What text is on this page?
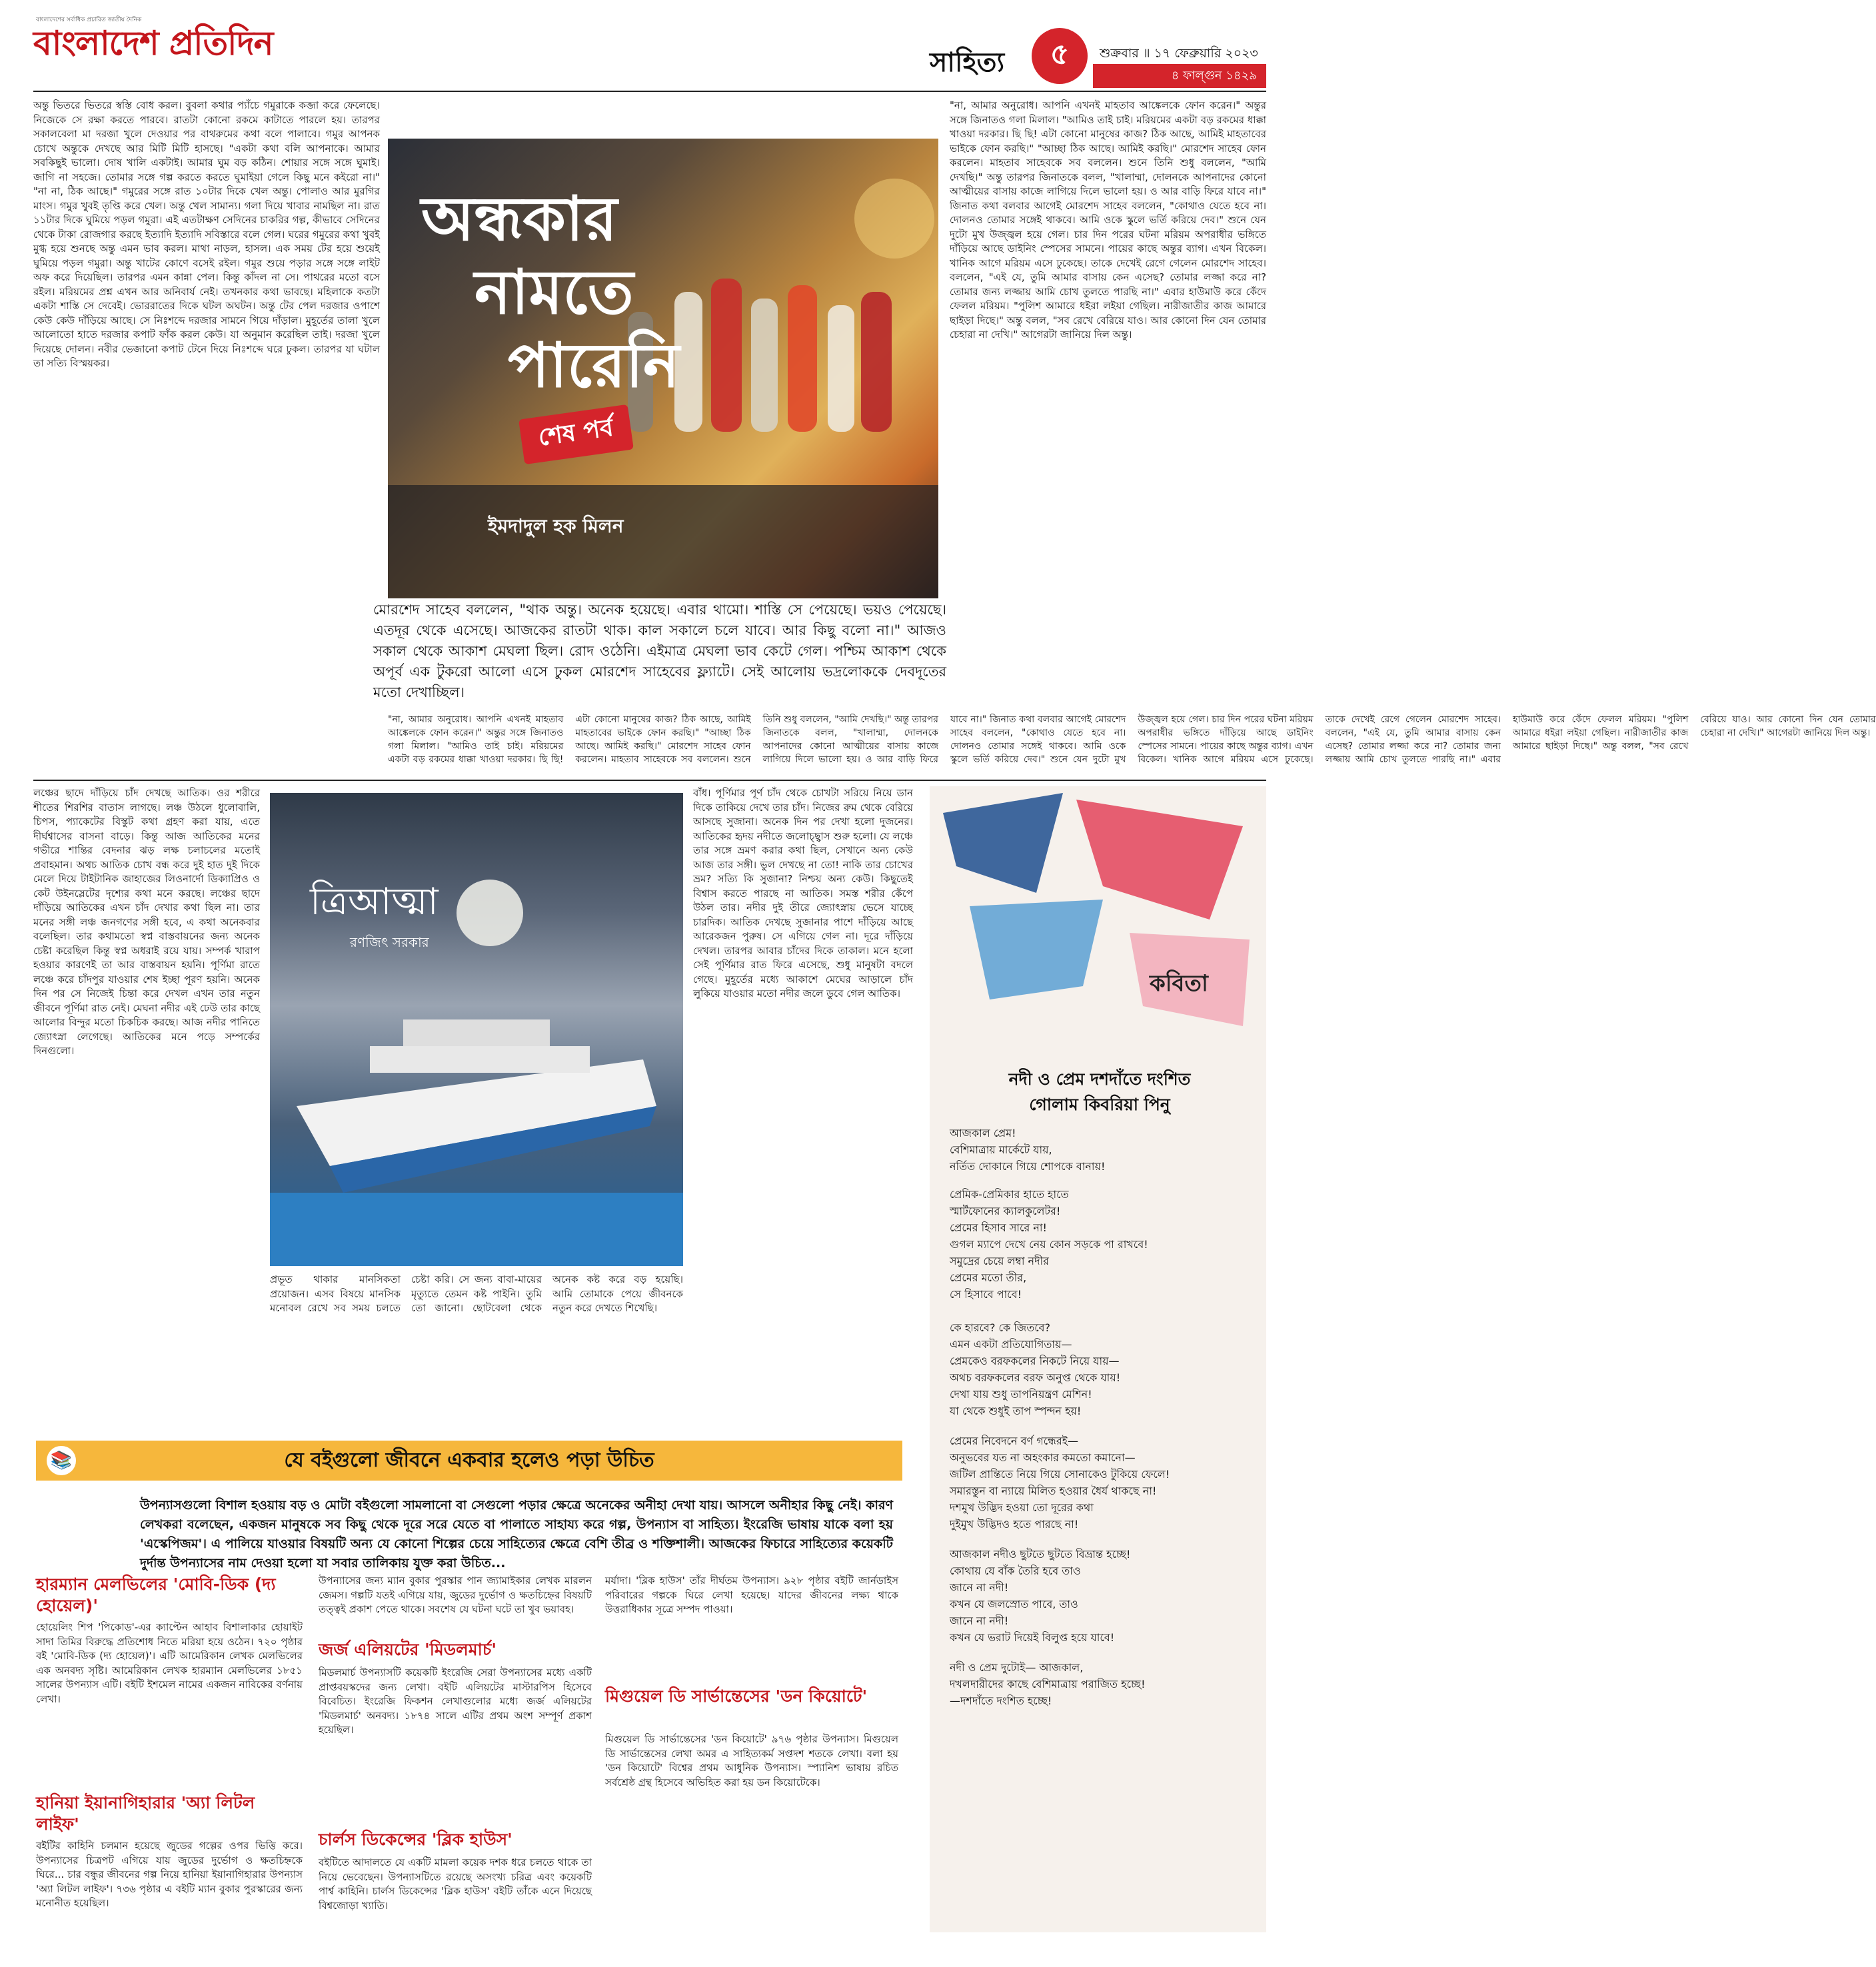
বাংলাদেশের সর্বাধিক প্রচারিত জাতীয় দৈনিক
বাংলাদেশ প্রতিদিন	সাহিত্য	৫	শুক্রবার ॥ ১৭ ফেব্রুয়ারি ২০২৩
৪ ফাল্গুন ১৪২৯

অন্তু ভিতরে ভিতরে স্বস্তি বোধ করল। বুবলা কথার প্যাঁচে গমুরাকে কব্জা করে ফেলেছে। নিজেকে সে রক্ষা করতে পারবে। রাতটা কোনো রকমে কাটাতে পারলে হয়। তারপর সকালবেলা মা দরজা খুলে দেওয়ার পর বাথরুমের কথা বলে পালাবে। গমুর আপনক চোখে অন্তুকে দেখছে আর মিটি মিটি হাসছে। "একটা কথা বলি আপনাকে। আমার সবকিছুই ভালো। দোষ খালি একটাই। আমার ঘুম বড় কঠিন। শোয়ার সঙ্গে সঙ্গে ঘুমাই। জাগি না সহজে। তোমার সঙ্গে গল্প করতে করতে ঘুমাইয়া গেলে কিছু মনে কইরো না।" "না না, ঠিক আছে।" গমুরের সঙ্গে রাত ১০টার দিকে খেল অন্তু। পোলাও আর মুরগির মাংস। গমুর খুবই তৃপ্তি করে খেল। অন্তু খেল সামান্য। গলা দিয়ে খাবার নামছিল না। রাত ১১টার দিকে ঘুমিয়ে পড়ল গমুরা। এই এতটাক্ষণ সেদিনের চাকরির গল্প, কীভাবে সেদিনের থেকে টাকা রোজগার করছে ইত্যাদি ইত্যাদি সবিস্তারে বলে গেল। ঘরের গমুরের কথা খুবই মুগ্ধ হয়ে শুনছে অন্তু এমন ভাব করল। মাথা নাড়ল, হাসল। এক সময় টের হয়ে শুয়েই ঘুমিয়ে পড়ল গমুরা। অন্তু খাটের কোণে বসেই রইল। গমুর শুয়ে পড়ার সঙ্গে সঙ্গে লাইট অফ করে দিয়েছিল। তারপর এমন কান্না পেল। কিন্তু কাঁদল না সে। পাথরের মতো বসে রইল। মরিয়মের প্রশ্ন এখন আর অনিবার্য নেই। তখনকার কথা ভাবছে। মহিলাকে কতটা একটা শাস্তি সে দেবেই। ভোররাতের দিকে ঘটল অঘটন। অন্তু টের পেল দরজার ওপাশে কেউ কেউ দাঁড়িয়ে আছে। সে নিঃশব্দে দরজার সামনে গিয়ে দাঁড়াল। মুহূর্তের তালা খুলে আলোতো হাতে দরজার কপাট ফাঁক করল কেউ। যা অনুমান করেছিল তাই। দরজা খুলে দিয়েছে দোলন। নবীর ভেজানো কপাট টেনে দিয়ে নিঃশব্দে ঘরে ঢুকল। তারপর যা ঘটাল তা সত্যি বিস্ময়কর।

অন্ধকার
নামতে
পারেনি
শেষ পর্ব
ইমদাদুল হক মিলন
মোরশেদ সাহেব বললেন, "থাক অন্তু। অনেক হয়েছে। এবার থামো। শাস্তি সে পেয়েছে। ভয়ও পেয়েছে। এতদূর থেকে এসেছে। আজকের রাতটা থাক। কাল সকালে চলে যাবে। আর কিছু বলো না।" আজও সকাল থেকে আকাশ মেঘলা ছিল। রোদ ওঠেনি। এইমাত্র মেঘলা ভাব কেটে গেল। পশ্চিম আকাশ থেকে অপূর্ব এক টুকরো আলো এসে ঢুকল মোরশেদ সাহেবের ফ্ল্যাটে। সেই আলোয় ভদ্রলোককে দেবদূতের মতো দেখাচ্ছিল।

"না, আমার অনুরোধ। আপনি এখনই মাহতাব আঙ্কেলকে ফোন করেন।" অন্তুর সঙ্গে জিনাতও গলা মিলাল। "আমিও তাই চাই। মরিয়মের একটা বড় রকমের ধাক্কা খাওয়া দরকার। ছি ছি! এটা কোনো মানুষের কাজ? ঠিক আছে, আমিই মাহতাবের ভাইকে ফোন করছি।" "আচ্ছা ঠিক আছে। আমিই করছি।" মোরশেদ সাহেব ফোন করলেন। মাহতাব সাহেবকে সব বললেন। শুনে তিনি শুধু বললেন, "আমি দেখছি।" অন্তু তারপর জিনাতকে বলল, "খালাম্মা, দোলনকে আপনাদের কোনো আত্মীয়ের বাসায় কাজে লাগিয়ে দিলে ভালো হয়। ও আর বাড়ি ফিরে যাবে না।" জিনাত কথা বলবার আগেই মোরশেদ সাহেব বললেন, "কোথাও যেতে হবে না। দোলনও তোমার সঙ্গেই থাকবে। আমি ওকে স্কুলে ভর্তি করিয়ে দেব।" শুনে যেন দুটো মুখ উজ্জ্বল হয়ে গেল। চার দিন পরের ঘটনা মরিয়ম অপরাধীর ভঙ্গিতে দাঁড়িয়ে আছে ডাইনিং স্পেসের সামনে। পায়ের কাছে অন্তুর ব্যাগ। এখন বিকেল। খানিক আগে মরিয়ম এসে ঢুকেছে। তাকে দেখেই রেগে গেলেন মোরশেদ সাহেব। বললেন, "এই যে, তুমি আমার বাসায় কেন এসেছ? তোমার লজ্জা করে না? তোমার জন্য লজ্জায় আমি চোখ তুলতে পারছি না।" এবার হাউমাউ করে কেঁদে ফেলল মরিয়ম। "পুলিশ আমারে ধইরা লইয়া গেছিল। নারীজাতীর কাজ আমারে ছাইড়া দিছে।" অন্তু বলল, "সব রেখে বেরিয়ে যাও। আর কোনো দিন যেন তোমার চেহারা না দেখি।" আগেরটা জানিয়ে দিল অন্তু।

"না, আমার অনুরোধ। আপনি এখনই মাহতাব আঙ্কেলকে ফোন করেন।" অন্তুর সঙ্গে জিনাতও গলা মিলাল। "আমিও তাই চাই। মরিয়মের একটা বড় রকমের ধাক্কা খাওয়া দরকার। ছি ছি! এটা কোনো মানুষের কাজ? ঠিক আছে, আমিই মাহতাবের ভাইকে ফোন করছি।" "আচ্ছা ঠিক আছে। আমিই করছি।" মোরশেদ সাহেব ফোন করলেন। মাহতাব সাহেবকে সব বললেন। শুনে তিনি শুধু বললেন, "আমি দেখছি।" অন্তু তারপর জিনাতকে বলল, "খালাম্মা, দোলনকে আপনাদের কোনো আত্মীয়ের বাসায় কাজে লাগিয়ে দিলে ভালো হয়। ও আর বাড়ি ফিরে যাবে না।" জিনাত কথা বলবার আগেই মোরশেদ সাহেব বললেন, "কোথাও যেতে হবে না। দোলনও তোমার সঙ্গেই থাকবে। আমি ওকে স্কুলে ভর্তি করিয়ে দেব।" শুনে যেন দুটো মুখ উজ্জ্বল হয়ে গেল। চার দিন পরের ঘটনা মরিয়ম অপরাধীর ভঙ্গিতে দাঁড়িয়ে আছে ডাইনিং স্পেসের সামনে। পায়ের কাছে অন্তুর ব্যাগ। এখন বিকেল। খানিক আগে মরিয়ম এসে ঢুকেছে। তাকে দেখেই রেগে গেলেন মোরশেদ সাহেব। বললেন, "এই যে, তুমি আমার বাসায় কেন এসেছ? তোমার লজ্জা করে না? তোমার জন্য লজ্জায় আমি চোখ তুলতে পারছি না।" এবার হাউমাউ করে কেঁদে ফেলল মরিয়ম। "পুলিশ আমারে ধইরা লইয়া গেছিল। নারীজাতীর কাজ আমারে ছাইড়া দিছে।" অন্তু বলল, "সব রেখে বেরিয়ে যাও। আর কোনো দিন যেন তোমার চেহারা না দেখি।" আগেরটা জানিয়ে দিল অন্তু।

লঞ্চের ছাদে দাঁড়িয়ে চাঁদ দেখছে আতিক। ওর শরীরে শীতের শিরশির বাতাস লাগছে। লঞ্চ উঠলে ধুলোবালি, চিপস, প্যাকেটের বিস্কুট কথা গ্রহণ করা যায়, এতে দীর্ঘশ্বাসের বাসনা বাড়ে। কিন্তু আজ আতিকের মনের গভীরে শান্তির বেদনার ঝড় লক্ষ চলাচলের মতোই প্রবাহমান। অথচ আতিক চোখ বন্ধ করে দুই হাত দুই দিকে মেলে দিয়ে টাইটানিক জাহাজের লিওনার্দো ডিক্যাপ্রিও ও কেট উইনস্লেটের দৃশ্যের কথা মনে করছে। লঞ্চের ছাদে দাঁড়িয়ে আতিকের এখন চাঁদ দেখার কথা ছিল না। তার মনের সঙ্গী লঞ্চ জনগণের সঙ্গী হবে, এ কথা অনেকবার বলেছিল। তার কথামতো স্বপ্ন বাস্তবায়নের জন্য অনেক চেষ্টা করেছিল কিন্তু স্বপ্ন অধরাই রয়ে যায়। সম্পর্ক খারাপ হওয়ার কারণেই তা আর বাস্তবায়ন হয়নি। পূর্ণিমা রাতে লঞ্চে করে চাঁদপুর যাওয়ার শেষ ইচ্ছা পূরণ হয়নি। অনেক দিন পর সে নিজেই চিন্তা করে দেখল এখন তার নতুন জীবনে পূর্ণিমা রাত নেই। মেঘনা নদীর এই ঢেউ তার কাছে আলোর বিন্দুর মতো চিকচিক করছে। আজ নদীর পানিতে জ্যোৎস্না লেগেছে। আতিকের মনে পড়ে সম্পর্কের দিনগুলো।

ত্রিআত্মা
রণজিৎ সরকার

প্রভূত থাকার মানসিকতা প্রয়োজন। এসব বিষয়ে মানসিক মনোবল রেখে সব সময় চলতে চেষ্টা করি। সে জন্য বাবা-মায়ের মৃত্যুতে তেমন কষ্ট পাইনি। তুমি তো জানো। ছোটবেলা থেকে অনেক কষ্ট করে বড় হয়েছি। আমি তোমাকে পেয়ে জীবনকে নতুন করে দেখতে শিখেছি।

বাঁধ। পূর্ণিমার পূর্ণ চাঁদ থেকে চোখটা সরিয়ে নিয়ে ডান দিকে তাকিয়ে দেখে তার চাঁদ। নিজের রুম থেকে বেরিয়ে আসছে সুজানা। অনেক দিন পর দেখা হলো দুজনের। আতিকের হৃদয় নদীতে জলোচ্ছ্বাস শুরু হলো। যে লঞ্চে তার সঙ্গে ভ্রমণ করার কথা ছিল, সেখানে অন্য কেউ আজ তার সঙ্গী। ভুল দেখছে না তো! নাকি তার চোখের ভ্রম? সত্যি কি সুজানা? নিশ্চয় অন্য কেউ। কিছুতেই বিশ্বাস করতে পারছে না আতিক। সমস্ত শরীর কেঁপে উঠল তার। নদীর দুই তীরে জ্যোৎস্নায় ভেসে যাচ্ছে চারদিক। আতিক দেখছে সুজানার পাশে দাঁড়িয়ে আছে আরেকজন পুরুষ। সে এগিয়ে গেল না। দূরে দাঁড়িয়ে দেখল। তারপর আবার চাঁদের দিকে তাকাল। মনে হলো সেই পূর্ণিমার রাত ফিরে এসেছে, শুধু মানুষটা বদলে গেছে। মুহূর্তের মধ্যে আকাশে মেঘের আড়ালে চাঁদ লুকিয়ে যাওয়ার মতো নদীর জলে ডুবে গেল আতিক।	কবিতা
নদী ও প্রেম দশদাঁতে দংশিত
গোলাম কিবরিয়া পিনু
আজকাল প্রেম!
বেশিমাত্রায় মার্কেটে যায়,
নর্তিত দোকানে গিয়ে শোপকে বানায়!
প্রেমিক-প্রেমিকার হাতে হাতে
স্মার্টফোনের ক্যালকুলেটর!
প্রেমের হিসাব সারে না!
গুগল ম্যাপে দেখে নেয় কোন সড়কে পা রাখবে!
সমুদ্রের চেয়ে লম্বা নদীর
প্রেমের মতো তীর,
সে হিসাবে পাবে!
কে হারবে? কে জিতবে?
এমন একটা প্রতিযোগিতায়—
প্রেমকেও বরফকলের নিকটে নিয়ে যায়—
অথচ বরফকলের বরফ অনুপ্ত থেকে যায়!
দেখা যায় শুধু তাপনিয়ন্ত্রণ মেশিন!
যা থেকে শুধুই তাপ স্পন্দন হয়!
প্রেমের নিবেদনে বর্ণ গন্ধেরই—
অনুভবের যত না অহংকার কমতো কমানো—
জটিল প্রান্তিতে নিয়ে গিয়ে সোনাকেও টুকিয়ে ফেলে!
সমারস্তুন বা ন্যায়ে মিলিত হওয়ার ধৈর্য থাকছে না!
দশমুখ উদ্ভিদ হওয়া তো দূরের কথা
দুইমুখ উদ্ভিদও হতে পারছে না!
আজকাল নদীও ছুটতে ছুটতে বিভ্রান্ত হচ্ছে!
কোথায় যে বাঁক তৈরি হবে তাও
জানে না নদী!
কখন যে জলস্রোত পাবে, তাও
জানে না নদী!
কখন যে ভরাট দিয়েই বিলুপ্ত হয়ে যাবে!
নদী ও প্রেম দুটোই— আজকাল,
দখলদারীদের কাছে বেশিমাত্রায় পরাজিত হচ্ছে!
—দশদাঁতে দংশিত হচ্ছে!
📚	যে বইগুলো জীবনে একবার হলেও পড়া উচিত
উপন্যাসগুলো বিশাল হওয়ায় বড় ও মোটা বইগুলো সামলানো বা সেগুলো পড়ার ক্ষেত্রে অনেকের অনীহা দেখা যায়। আসলে অনীহার কিছু নেই। কারণ লেখকরা বলেছেন, একজন মানুষকে সব কিছু থেকে দূরে সরে যেতে বা পালাতে সাহায্য করে গল্প, উপন্যাস বা সাহিত্য। ইংরেজি ভাষায় যাকে বলা হয় 'এস্কেপিজম'। এ পালিয়ে যাওয়ার বিষয়টি অন্য যে কোনো শিল্পের চেয়ে সাহিত্যের ক্ষেত্রে বেশি তীব্র ও শক্তিশালী। আজকের ফিচারে সাহিত্যের কয়েকটি দুর্দান্ত উপন্যাসের নাম দেওয়া হলো যা সবার তালিকায় যুক্ত করা উচিত...
হারম্যান মেলভিলের 'মোবি-ডিক (দ্য হোয়েল)'
হোয়েলিং শিপ 'পিকোড'-এর ক্যাপ্টেন আহাব বিশালাকার হোয়াইট সাদা তিমির বিরুদ্ধে প্রতিশোধ নিতে মরিয়া হয়ে ওঠেন। ৭২০ পৃষ্ঠার বই 'মোবি-ডিক (দ্য হোয়েল)'। এটি আমেরিকান লেখক মেলভিলের এক অনবদ্য সৃষ্টি। আমেরিকান লেখক হারম্যান মেলভিলের ১৮৫১ সালের উপন্যাস এটি। বইটি ইশমেল নামের একজন নাবিকের বর্ণনায় লেখা।
হানিয়া ইয়ানাগিহারার 'অ্যা লিটল লাইফ'
বইটির কাহিনি চলমান হয়েছে জুডের গল্পের ওপর ভিত্তি করে। উপন্যাসের চিত্রপট এগিয়ে যায় জুডের দুর্ভোগ ও ক্ষতচিহ্নকে ঘিরে... চার বন্ধুর জীবনের গল্প নিয়ে হানিয়া ইয়ানাগিহারার উপন্যাস 'অ্যা লিটল লাইফ'। ৭৩৬ পৃষ্ঠার এ বইটি ম্যান বুকার পুরস্কারের জন্য মনোনীত হয়েছিল।
উপন্যাসের জন্য ম্যান বুকার পুরস্কার পান জ্যামাইকার লেখক মারলন জেমস। গল্পটি যতই এগিয়ে যায়, জুডের দুর্ভোগ ও ক্ষতচিহ্নের বিষয়টি তত্ত্বই প্রকাশ পেতে থাকে। সবশেষ যে ঘটনা ঘটে তা খুব ভয়াবহ।
জর্জ এলিয়টের 'মিডলমার্চ'
মিডলমার্চ উপন্যাসটি কয়েকটি ইংরেজি সেরা উপন্যাসের মধ্যে একটি প্রাপ্তবয়স্কদের জন্য লেখা। বইটি এলিয়টের মাস্টারপিস হিসেবে বিবেচিত। ইংরেজি ফিকশন লেখাগুলোর মধ্যে জর্জ এলিয়টের 'মিডলমার্চ' অনবদ্য। ১৮৭৪ সালে এটির প্রথম অংশ সম্পূর্ণ প্রকাশ হয়েছিল।
চার্লস ডিকেন্সের 'ব্লিক হাউস'
বইটিতে আদালতে যে একটি মামলা কয়েক দশক ধরে চলতে থাকে তা নিয়ে ভেবেছেন। উপন্যাসটিতে রয়েছে অসংখ্য চরিত্র এবং কয়েকটি পার্শ্ব কাহিনি। চার্লস ডিকেন্সের 'ব্লিক হাউস' বইটি তাঁকে এনে দিয়েছে বিশ্বজোড়া খ্যাতি।
মর্যাদা। 'ব্লিক হাউস' তাঁর দীর্ঘতম উপন্যাস। ৯২৮ পৃষ্ঠার বইটি জার্নডাইস পরিবারের গল্পকে ঘিরে লেখা হয়েছে। যাদের জীবনের লক্ষ্য থাকে উত্তরাধিকার সূত্রে সম্পদ পাওয়া।
মিগুয়েল ডি সার্ভান্তেসের 'ডন কিয়োটে'
মিগুয়েল ডি সার্ভান্তেসের 'ডন কিয়োটে' ৯৭৬ পৃষ্ঠার উপন্যাস। মিগুয়েল ডি সার্ভান্তেসের লেখা অমর এ সাহিত্যকর্ম সপ্তদশ শতকে লেখা। বলা হয় 'ডন কিয়োটে' বিশ্বের প্রথম আধুনিক উপন্যাস। স্প্যানিশ ভাষায় রচিত সর্বশ্রেষ্ঠ গ্রন্থ হিসেবে অভিহিত করা হয় ডন কিয়োটেকে।
